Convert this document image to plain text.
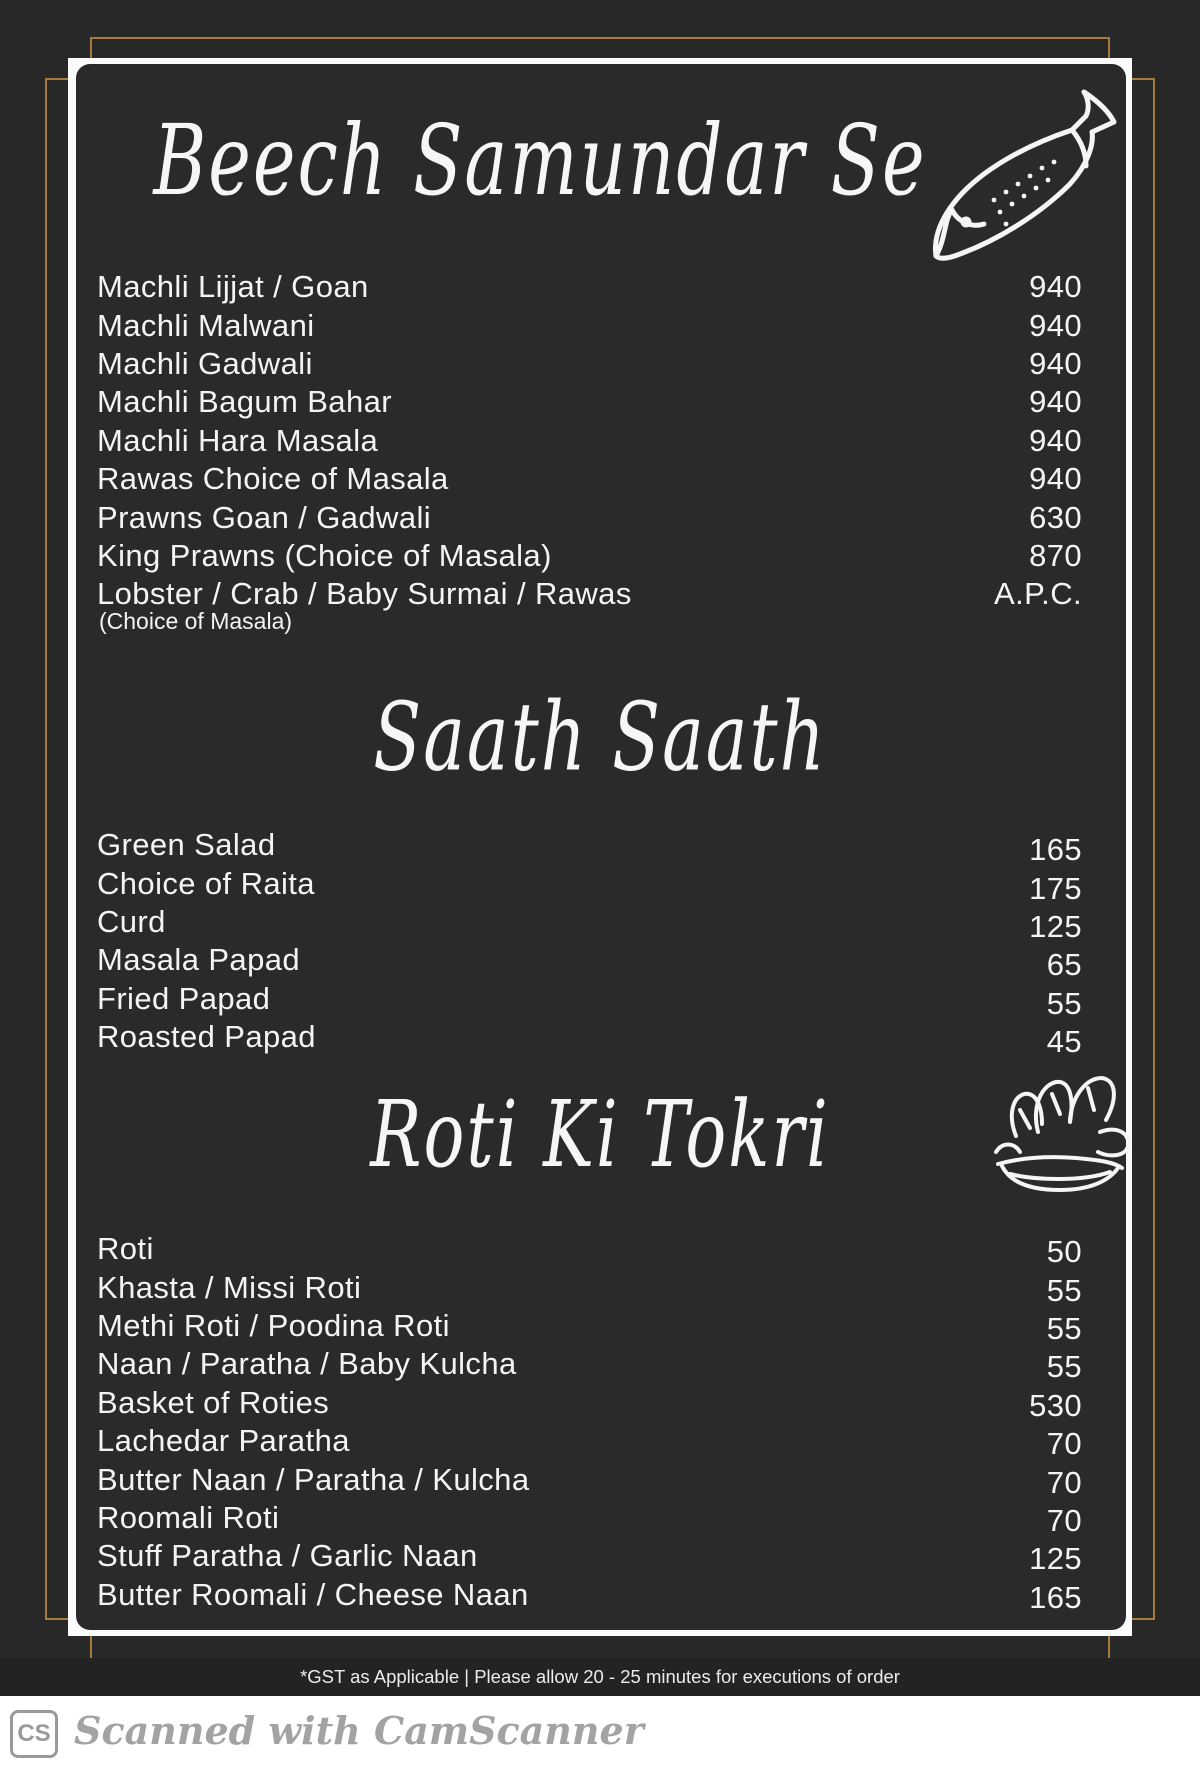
Beech Samundar Se
Machli Lijjat / Goan	940
Machli Malwani	940
Machli Gadwali	940
Machli Bagum Bahar	940
Machli Hara Masala	940
Rawas Choice of Masala	940
Prawns Goan / Gadwali	630
King Prawns (Choice of Masala)	870
Lobster / Crab / Baby Surmai / Rawas	A.P.C.
(Choice of Masala)
Saath Saath
Green Salad	165
Choice of Raita	175
Curd	125
Masala Papad	65
Fried Papad	55
Roasted Papad	45
Roti Ki Tokri
Roti	50
Khasta / Missi Roti	55
Methi Roti / Poodina Roti	55
Naan / Paratha / Baby Kulcha	55
Basket of Roties	530
Lachedar Paratha	70
Butter Naan / Paratha / Kulcha	70
Roomali Roti	70
Stuff Paratha / Garlic Naan	125
Butter Roomali / Cheese Naan	165
*GST as Applicable | Please allow 20 - 25 minutes for executions of order
CS Scanned with CamScanner
